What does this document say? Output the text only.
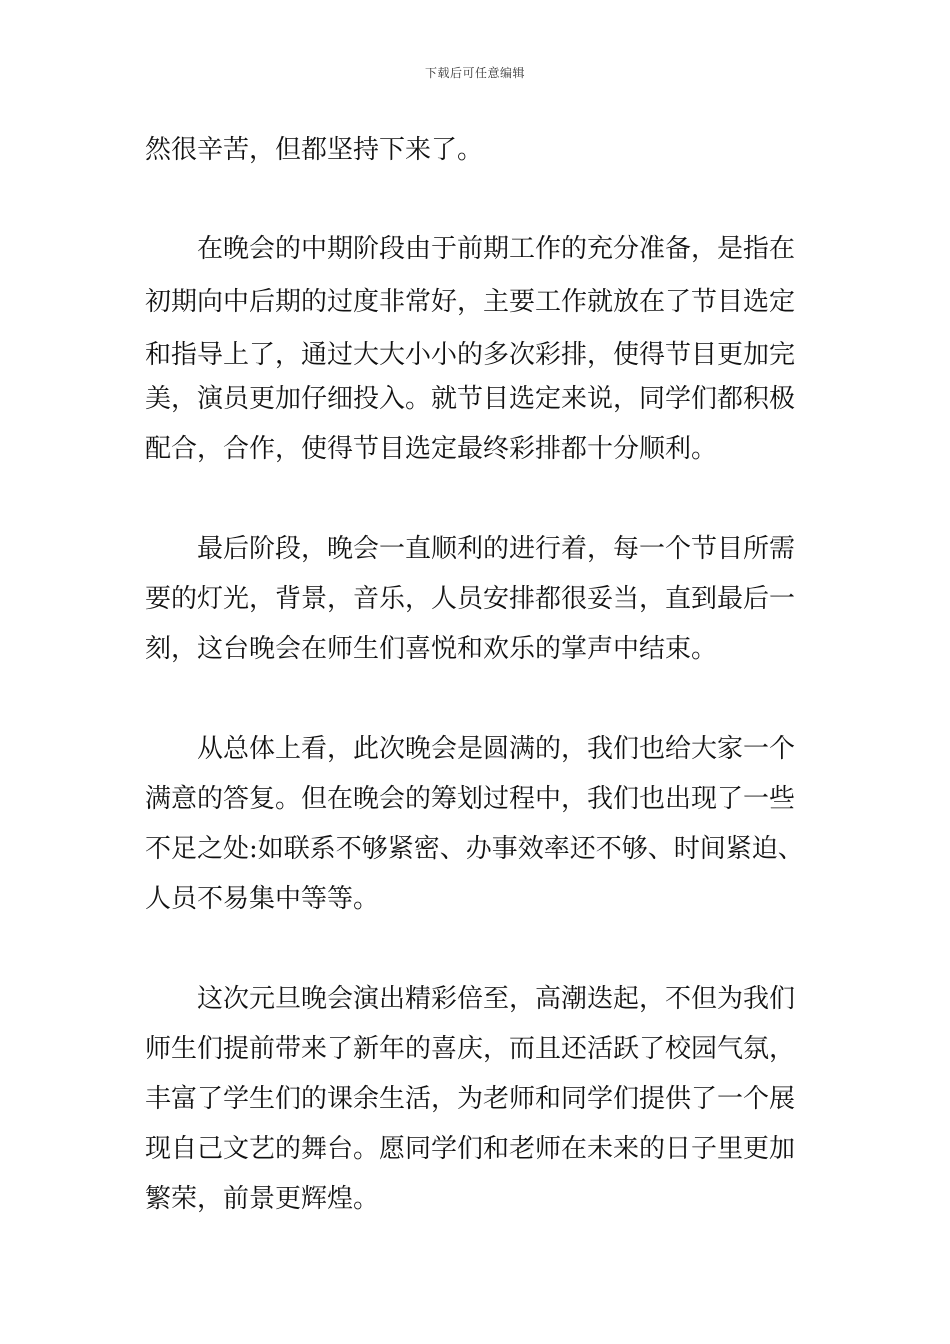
下载后可任意编辑
然很辛苦，但都坚持下来了。
在晚会的中期阶段由于前期工作的充分准备，是指在
初期向中后期的过度非常好，主要工作就放在了节目选定
和指导上了，通过大大小小的多次彩排，使得节目更加完
美，演员更加仔细投入。就节目选定来说，同学们都积极
配合，合作，使得节目选定最终彩排都十分顺利。
最后阶段，晚会一直顺利的进行着，每一个节目所需
要的灯光，背景，音乐，人员安排都很妥当，直到最后一
刻，这台晚会在师生们喜悦和欢乐的掌声中结束。
从总体上看，此次晚会是圆满的，我们也给大家一个
满意的答复。但在晚会的筹划过程中，我们也出现了一些
不足之处:如联系不够紧密、办事效率还不够、时间紧迫、
人员不易集中等等。
这次元旦晚会演出精彩倍至，高潮迭起，不但为我们
师生们提前带来了新年的喜庆，而且还活跃了校园气氛，
丰富了学生们的课余生活，为老师和同学们提供了一个展
现自己文艺的舞台。愿同学们和老师在未来的日子里更加
繁荣，前景更辉煌。
